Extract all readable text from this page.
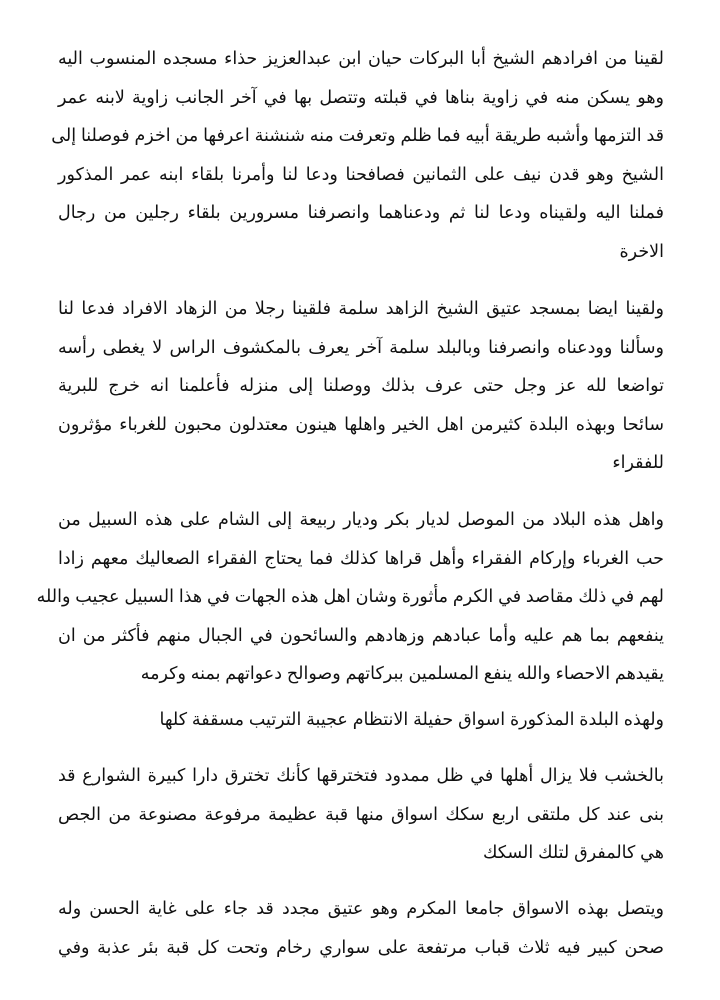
لقينا من افرادهم الشيخ أبا البركات حيان ابن عبدالعزيز حذاء مسجده المنسوب اليه
وهو يسكن منه في زاوية بناها في قبلته وتتصل بها في آخر الجانب زاوية لابنه عمر
قد التزمها وأشبه طريقة أبيه فما ظلم وتعرفت منه شنشنة اعرفها من اخزم فوصلنا إلى
الشيخ وهو قدن نيف على الثمانين فصافحنا ودعا لنا وأمرنا بلقاء ابنه عمر المذكور
فملنا اليه ولقيناه ودعا لنا ثم ودعناهما وانصرفنا مسرورين بلقاء رجلين من رجال
الاخرة
ولقينا ايضا بمسجد عتيق الشيخ الزاهد سلمة فلقينا رجلا من الزهاد الافراد فدعا لنا
وسألنا وودعناه وانصرفنا وبالبلد سلمة آخر يعرف بالمكشوف الراس لا يغطى رأسه
تواضعا لله عز وجل حتى عرف بذلك ووصلنا إلى منزله فأعلمنا انه خرج للبرية
سائحا وبهذه البلدة كثيرمن اهل الخير واهلها هينون معتدلون محبون للغرباء مؤثرون
للفقراء
واهل هذه البلاد من الموصل لديار بكر وديار ربيعة إلى الشام على هذه السبيل من
حب الغرباء وإركام الفقراء وأهل قراها كذلك فما يحتاج الفقراء الصعاليك معهم زادا
لهم في ذلك مقاصد في الكرم مأثورة وشان اهل هذه الجهات في هذا السبيل عجيب والله
ينفعهم بما هم عليه وأما عبادهم وزهادهم والسائحون في الجبال منهم فأكثر من ان
يقيدهم الاحصاء والله ينفع المسلمين ببركاتهم وصوالح دعواتهم بمنه وكرمه
ولهذه البلدة المذكورة اسواق حفيلة الانتظام عجيبة الترتيب مسقفة كلها
بالخشب فلا يزال أهلها في ظل ممدود فتخترقها كأنك تخترق دارا كبيرة الشوارع قد
بنى عند كل ملتقى اربع سكك اسواق منها قبة عظيمة مرفوعة مصنوعة من الجص
هي كالمفرق لتلك السكك
ويتصل بهذه الاسواق جامعا المكرم وهو عتيق مجدد قد جاء على غاية الحسن وله
صحن كبير فيه ثلاث قباب مرتفعة على سواري رخام وتحت كل قبة بئر عذبة وفي
